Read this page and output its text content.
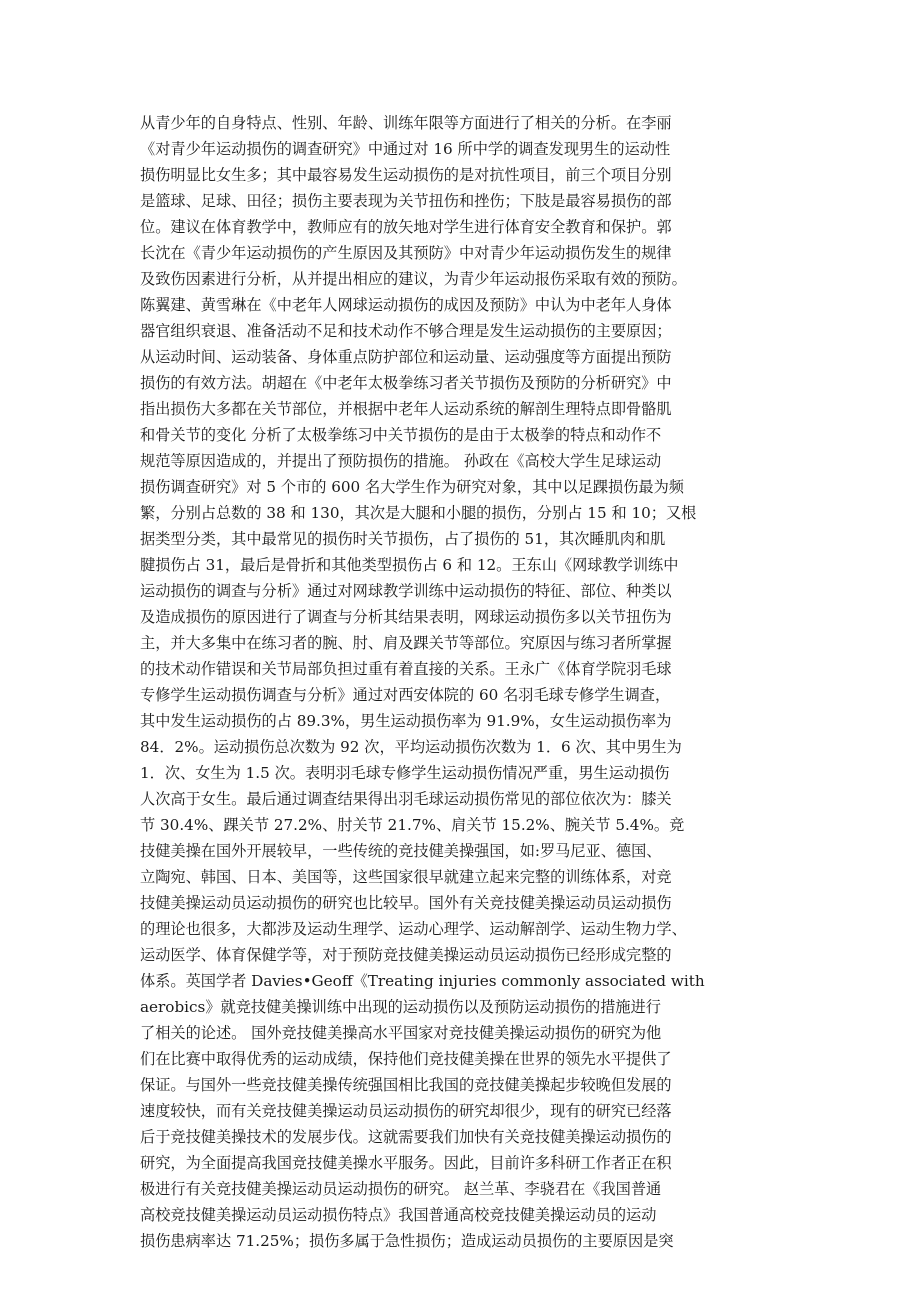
从青少年的自身特点、性别、年龄、训练年限等方面进行了相关的分析。在李丽
《对青少年运动损伤的调查研究》中通过对 16 所中学的调查发现男生的运动性
损伤明显比女生多；其中最容易发生运动损伤的是对抗性项目，前三个项目分别
是篮球、足球、田径；损伤主要表现为关节扭伤和挫伤；下肢是最容易损伤的部
位。建议在体育教学中，教师应有的放矢地对学生进行体育安全教育和保护。郭
长沈在《青少年运动损伤的产生原因及其预防》中对青少年运动损伤发生的规律
及致伤因素进行分析，从并提出相应的建议，为青少年运动报伤采取有效的预防。
陈翼建、黄雪琳在《中老年人网球运动损伤的成因及预防》中认为中老年人身体
器官组织衰退、准备活动不足和技术动作不够合理是发生运动损伤的主要原因；
从运动时间、运动装备、身体重点防护部位和运动量、运动强度等方面提出预防
损伤的有效方法。胡超在《中老年太极拳练习者关节损伤及预防的分析研究》中
指出损伤大多都在关节部位，并根据中老年人运动系统的解剖生理特点即骨骼肌
和骨关节的变化 分析了太极拳练习中关节损伤的是由于太极拳的特点和动作不
规范等原因造成的，并提出了预防损伤的措施。 孙政在《高校大学生足球运动
损伤调查研究》对 5 个市的 600 名大学生作为研究对象，其中以足踝损伤最为频
繁，分别占总数的 38 和 130，其次是大腿和小腿的损伤，分别占 15 和 10；又根
据类型分类，其中最常见的损伤时关节损伤，占了损伤的 51，其次睡肌肉和肌
腱损伤占 31，最后是骨折和其他类型损伤占 6 和 12。王东山《网球教学训练中
运动损伤的调查与分析》通过对网球教学训练中运动损伤的特征、部位、种类以
及造成损伤的原因进行了调查与分析其结果表明，网球运动损伤多以关节扭伤为
主，并大多集中在练习者的腕、肘、肩及踝关节等部位。究原因与练习者所掌握
的技术动作错误和关节局部负担过重有着直接的关系。王永广《体育学院羽毛球
专修学生运动损伤调查与分析》通过对西安体院的 60 名羽毛球专修学生调查，
其中发生运动损伤的占 89.3%，男生运动损伤率为 91.9%，女生运动损伤率为
84．2%。运动损伤总次数为 92 次，平均运动损伤次数为 1．6 次、其中男生为
1．次、女生为 1.5 次。表明羽毛球专修学生运动损伤情况严重，男生运动损伤
人次高于女生。最后通过调查结果得出羽毛球运动损伤常见的部位依次为：膝关
节 30.4%、踝关节 27.2%、肘关节 21.7%、肩关节 15.2%、腕关节 5.4%。竞
技健美操在国外开展较早，一些传统的竞技健美操强国，如:罗马尼亚、德国、
立陶宛、韩国、日本、美国等，这些国家很早就建立起来完整的训练体系，对竞
技健美操运动员运动损伤的研究也比较早。国外有关竞技健美操运动员运动损伤
的理论也很多，大都涉及运动生理学、运动心理学、运动解剖学、运动生物力学、
运动医学、体育保健学等，对于预防竞技健美操运动员运动损伤已经形成完整的
体系。英国学者 Davies•Geoff《Treating injuries commonly associated with
aerobics》就竞技健美操训练中出现的运动损伤以及预防运动损伤的措施进行
了相关的论述。 国外竞技健美操高水平国家对竞技健美操运动损伤的研究为他
们在比赛中取得优秀的运动成绩，保持他们竞技健美操在世界的领先水平提供了
保证。与国外一些竞技健美操传统强国相比我国的竞技健美操起步较晚但发展的
速度较快，而有关竞技健美操运动员运动损伤的研究却很少，现有的研究已经落
后于竞技健美操技术的发展步伐。这就需要我们加快有关竞技健美操运动损伤的
研究，为全面提高我国竞技健美操水平服务。因此，目前许多科研工作者正在积
极进行有关竞技健美操运动员运动损伤的研究。 赵兰革、李骁君在《我国普通
高校竞技健美操运动员运动损伤特点》我国普通高校竞技健美操运动员的运动
损伤患病率达 71.25%；损伤多属于急性损伤；造成运动员损伤的主要原因是突
